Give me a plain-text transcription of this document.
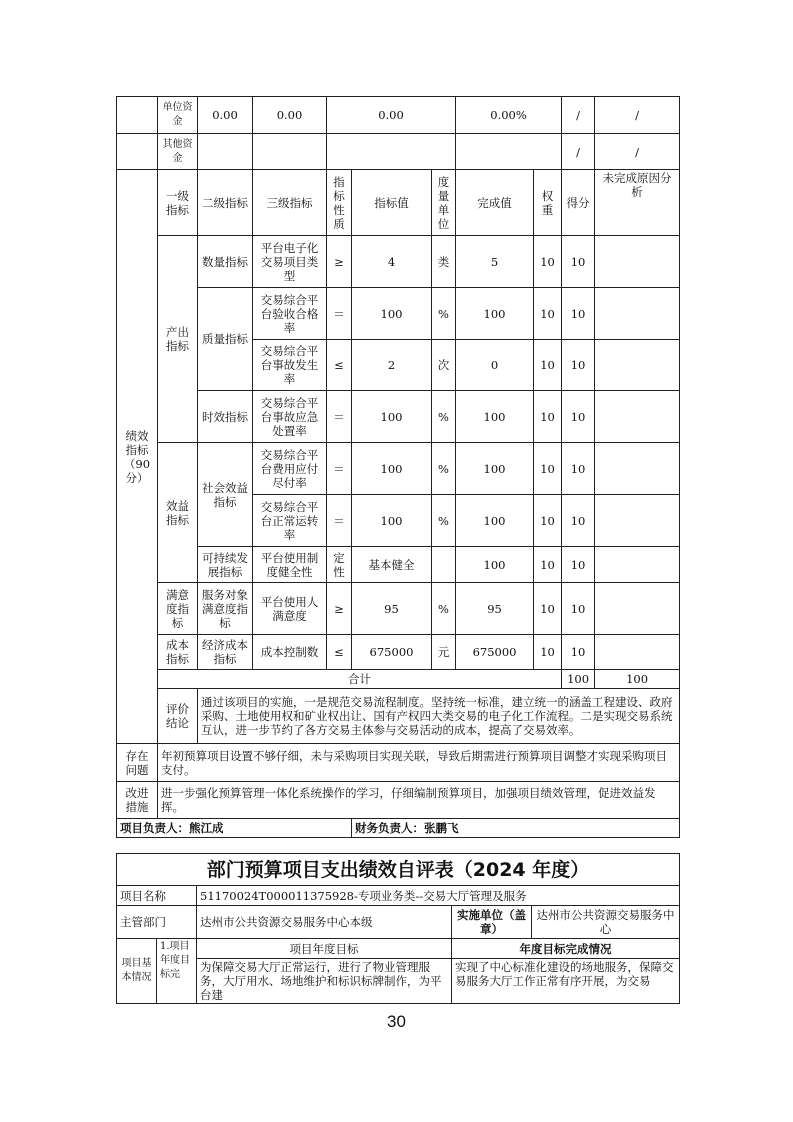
	单位资金	0.00	0.00	0.00			0.00%		/	/	
	其他资金								/	/	
绩效指标（90分）	一级指标	二级指标	三级指标	指标性质	指标值	度量单位	完成值	权重	得分	未完成原因分析	
	产出指标	数量指标	平台电子化交易项目类型	≥	4	类	5	10	10		
		质量指标	交易综合平台验收合格率	＝	100	%	100	10	10		
			交易综合平台事故发生率	≤	2	次	0	10	10		
		时效指标	交易综合平台事故应急处置率	＝	100	%	100	10	10		
	效益指标	社会效益指标	交易综合平台费用应付尽付率	＝	100	%	100	10	10		
			交易综合平台正常运转率	＝	100	%	100	10	10		
		可持续发展指标	平台使用制度健全性	定性	基本健全		100	10	10		
	满意度指标	服务对象满意度指标	平台使用人满意度	≥	95	%	95	10	10		
	成本指标	经济成本指标	成本控制数	≤	675000	元	675000	10	10		
	合计								100	100	
	评价结论	通过该项目的实施，一是规范交易流程制度。坚持统一标准，建立统一的涵盖工程建设、政府采购、土地使用权和矿业权出让、国有产权四大类交易的电子化工作流程。二是实现交易系统互认，进一步节约了各方交易主体参与交易活动的成本，提高了交易效率。									
存在问题	年初预算项目设置不够仔细，未与采购项目实现关联，导致后期需进行预算项目调整才实现采购项目支付。										
改进措施	进一步强化预算管理一体化系统操作的学习，仔细编制预算项目，加强项目绩效管理，促进效益发挥。										
项目负责人：熊江成					财务负责人：张鹏飞						
部门预算项目支出绩效自评表（2024 年度）				
项目名称		51170024T000011375928-专项业务类--交易大厅管理及服务		
主管部门		达州市公共资源交易服务中心本级	实施单位（盖章）	达州市公共资源交易服务中心
项目基本情况	1.项目年度目标完	项目年度目标	年度目标完成情况	
		为保障交易大厅正常运行，进行了物业管理服务，大厅用水、场地维护和标识标牌制作，为平台建	实现了中心标准化建设的场地服务，保障交易服务大厅工作正常有序开展，为交易	
30
